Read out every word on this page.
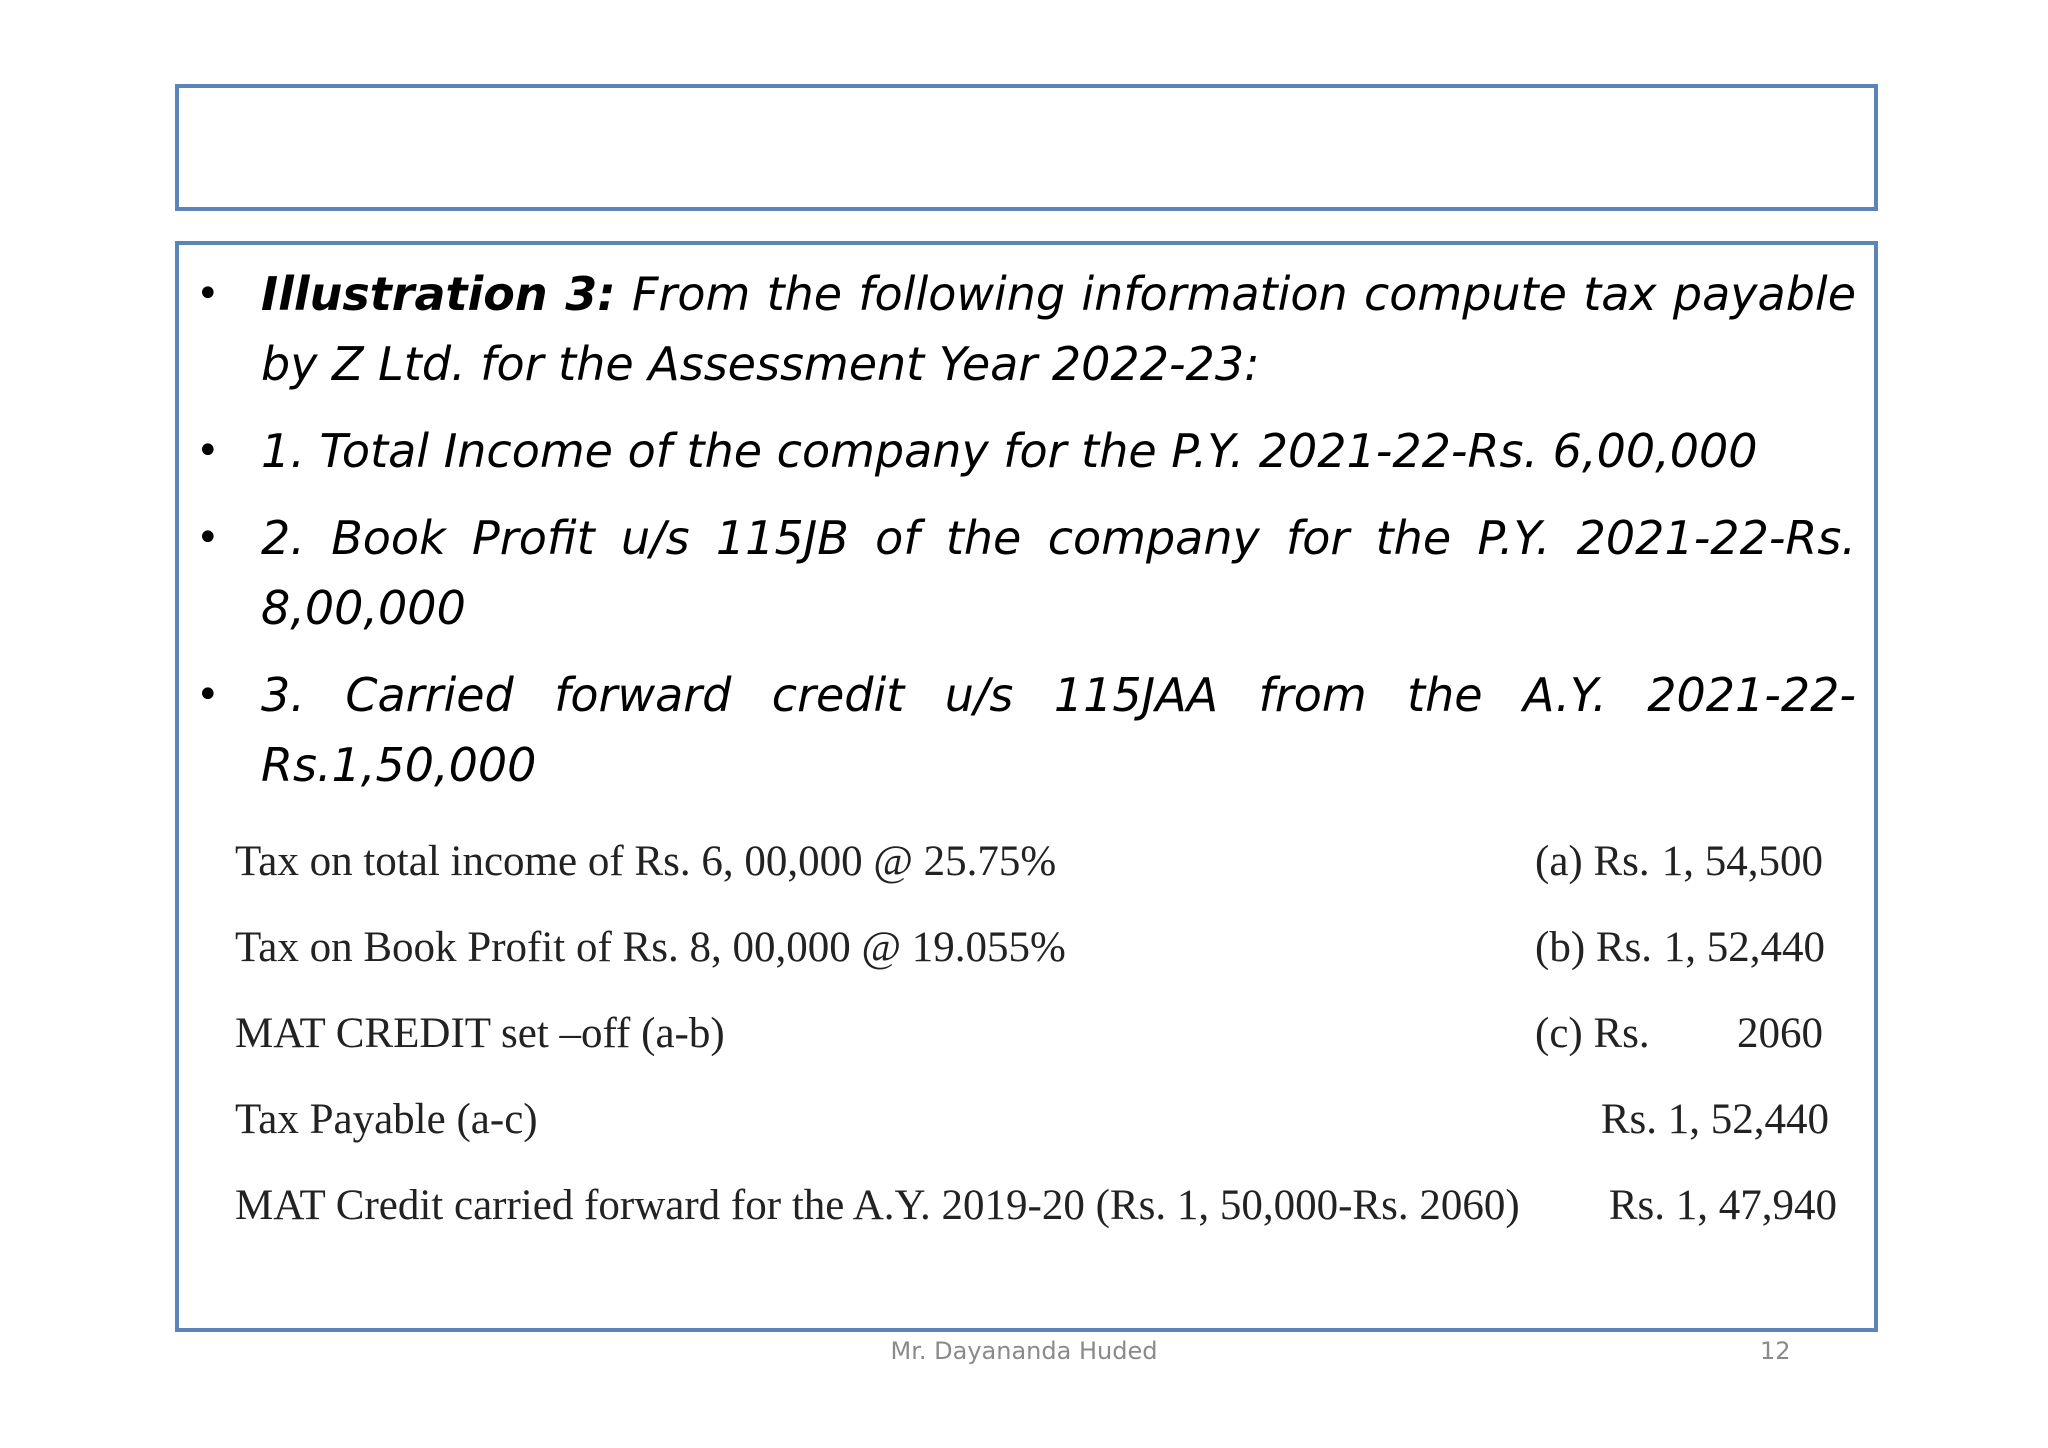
• Illustration 3: From the following information compute tax payable by Z Ltd. for the Assessment Year 2022-23:
• 1. Total Income of the company for the P.Y. 2021-22-Rs. 6,00,000
• 2. Book Profit u/s 115JB of the company for the P.Y. 2021-22-Rs. 8,00,000
• 3. Carried forward credit u/s 115JAA from the A.Y. 2021-22- Rs.1,50,000
Tax on total income of Rs. 6, 00,000 @ 25.75%	(a) Rs. 1, 54,500
Tax on Book Profit of Rs. 8, 00,000 @ 19.055%	(b) Rs. 1, 52,440
MAT CREDIT set –off (a-b)	(c) Rs. 2060
Tax Payable (a-c)	Rs. 1, 52,440
MAT Credit carried forward for the A.Y. 2019-20 (Rs. 1, 50,000-Rs. 2060) Rs. 1, 47,940
Mr. Dayananda Huded	12
